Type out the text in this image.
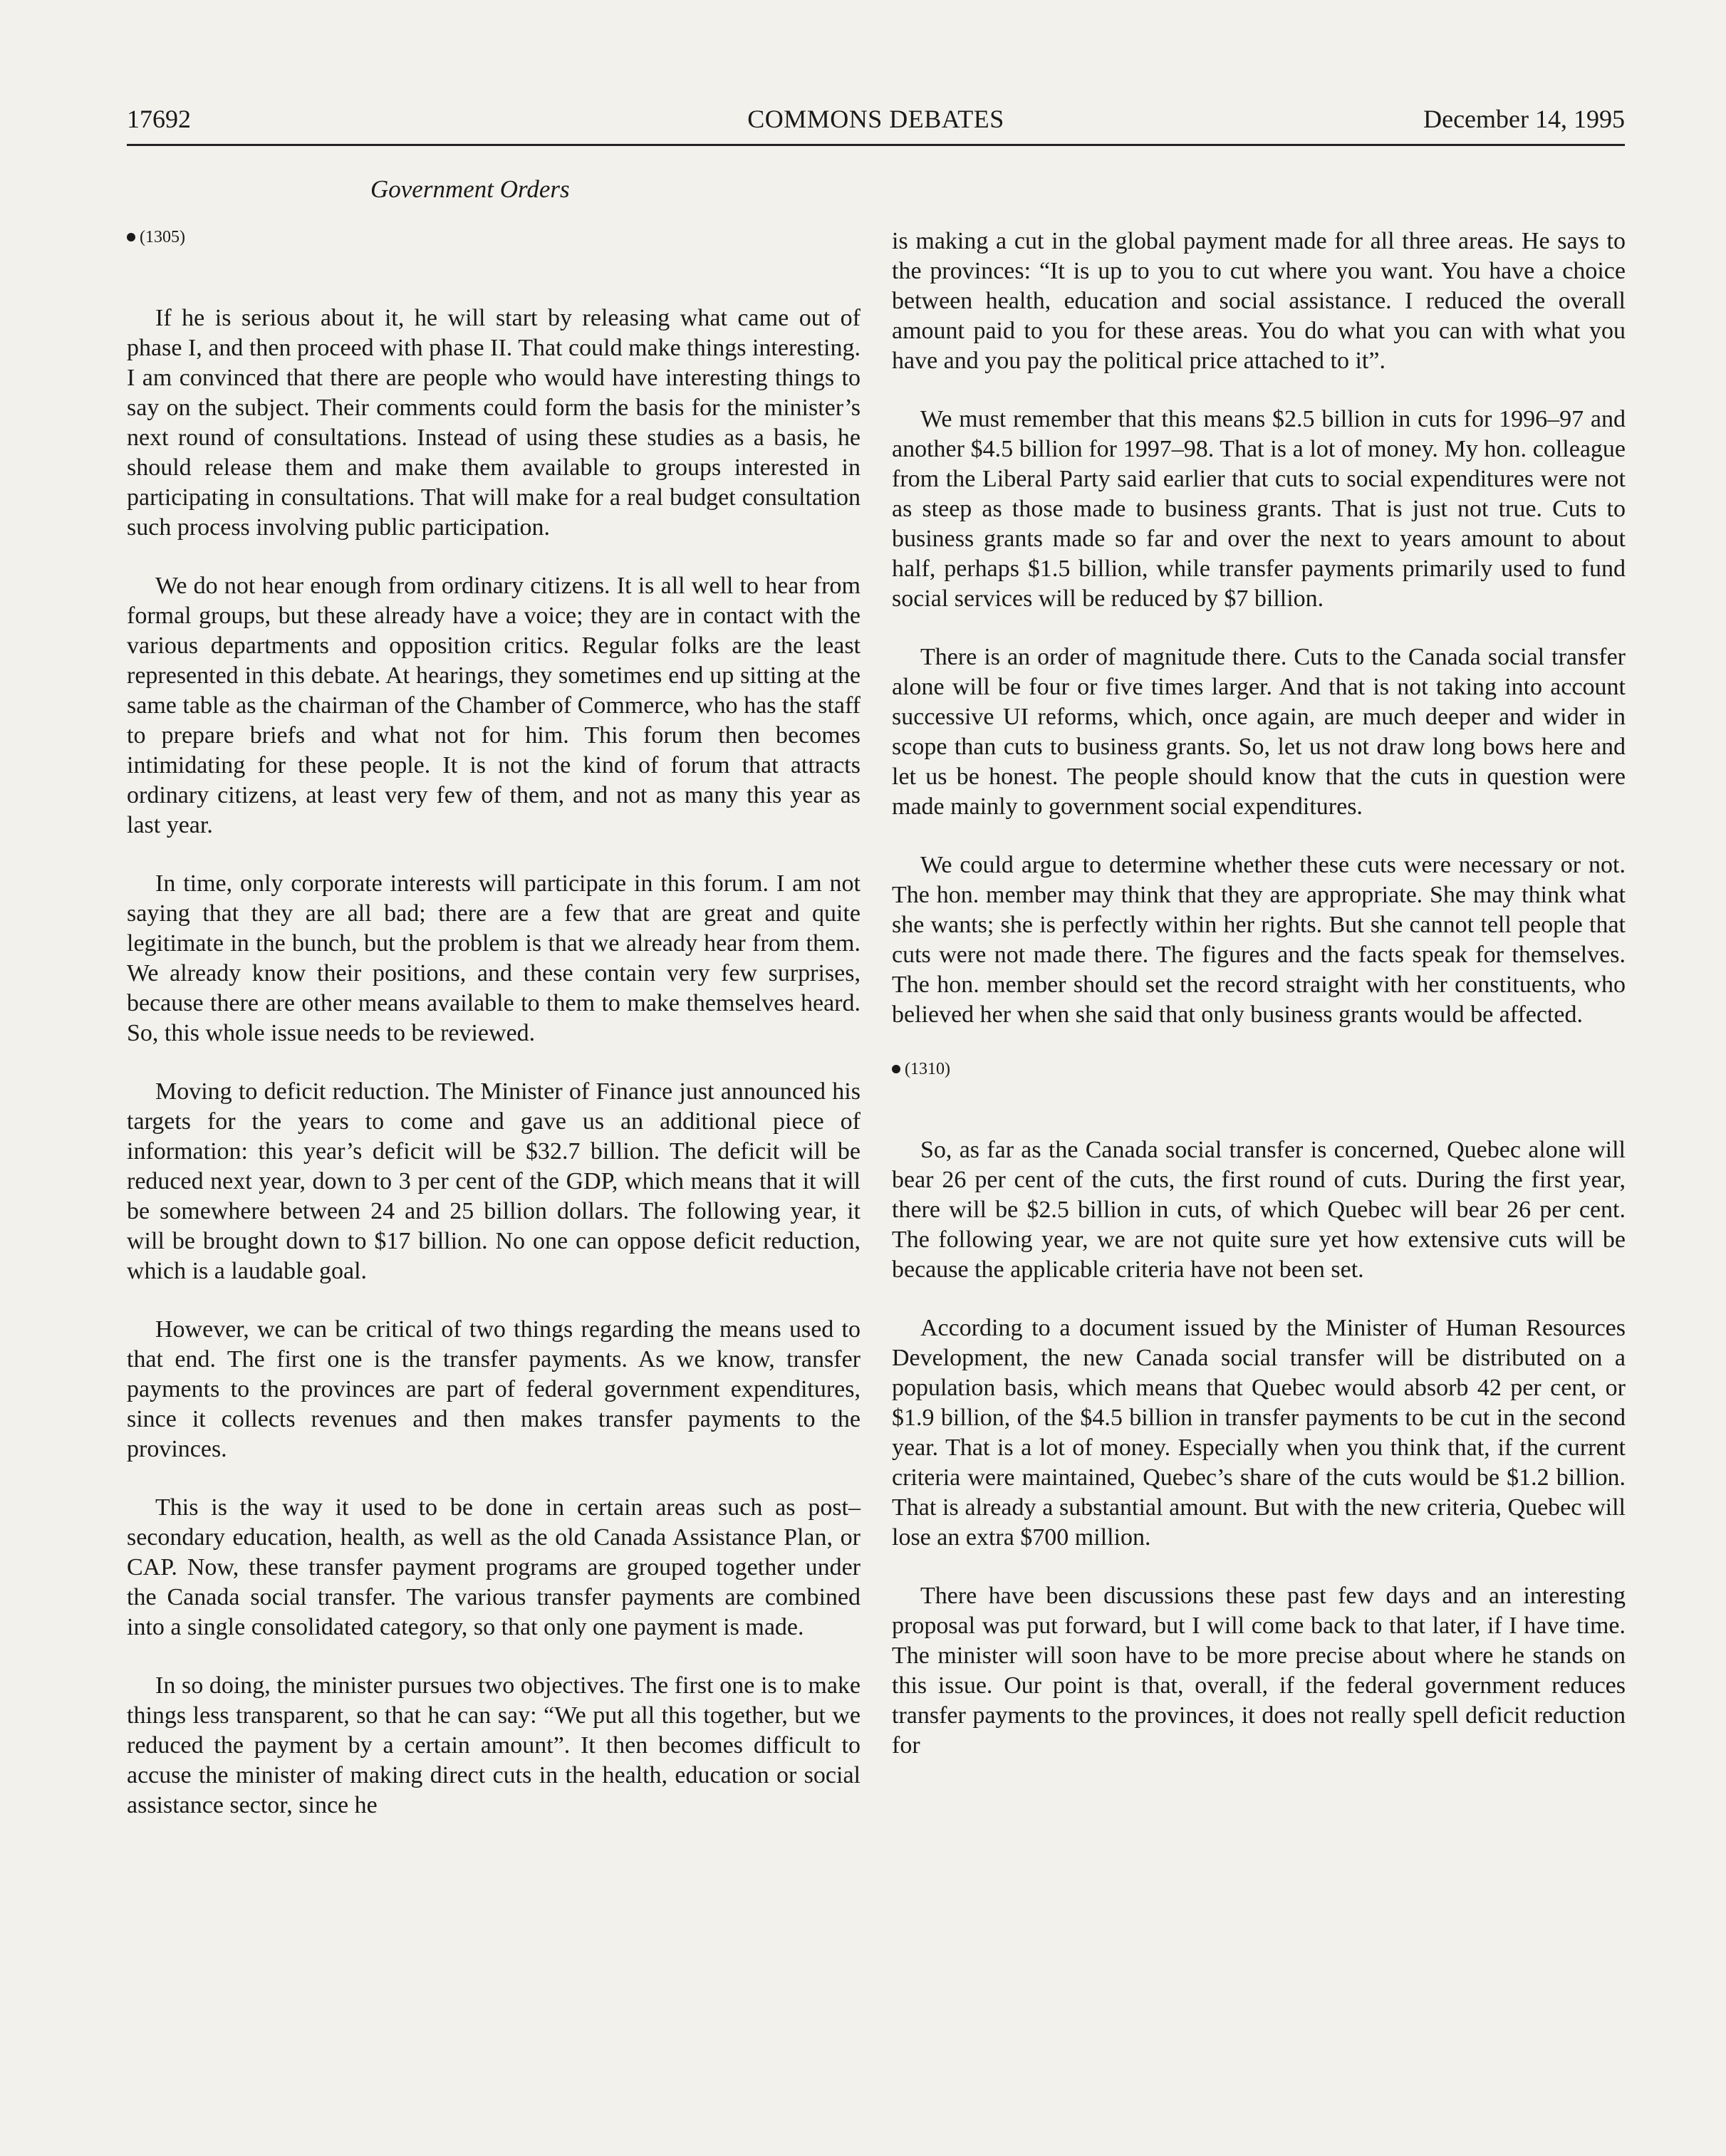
17692	COMMONS DEBATES	December 14, 1995
Government Orders
(1305)

If he is serious about it, he will start by releasing what came out of phase I, and then proceed with phase II. That could make things interesting. I am convinced that there are people who would have interesting things to say on the subject. Their comments could form the basis for the minister’s next round of consultations. Instead of using these studies as a basis, he should release them and make them available to groups interested in participating in consultations. That will make for a real budget consultation such process involving public participation.

We do not hear enough from ordinary citizens. It is all well to hear from formal groups, but these already have a voice; they are in contact with the various departments and opposition critics. Regular folks are the least represented in this debate. At hearings, they sometimes end up sitting at the same table as the chairman of the Chamber of Commerce, who has the staff to prepare briefs and what not for him. This forum then becomes intimidating for these people. It is not the kind of forum that attracts ordinary citizens, at least very few of them, and not as many this year as last year.

In time, only corporate interests will participate in this forum. I am not saying that they are all bad; there are a few that are great and quite legitimate in the bunch, but the problem is that we already hear from them. We already know their positions, and these contain very few surprises, because there are other means available to them to make themselves heard. So, this whole issue needs to be reviewed.

Moving to deficit reduction. The Minister of Finance just announced his targets for the years to come and gave us an additional piece of information: this year’s deficit will be $32.7 billion. The deficit will be reduced next year, down to 3 per cent of the GDP, which means that it will be somewhere between 24 and 25 billion dollars. The following year, it will be brought down to $17 billion. No one can oppose deficit reduction, which is a laudable goal.

However, we can be critical of two things regarding the means used to that end. The first one is the transfer payments. As we know, transfer payments to the provinces are part of federal government expenditures, since it collects revenues and then makes transfer payments to the provinces.

This is the way it used to be done in certain areas such as post–secondary education, health, as well as the old Canada Assistance Plan, or CAP. Now, these transfer payment programs are grouped together under the Canada social transfer. The various transfer payments are combined into a single consolidated category, so that only one payment is made.

In so doing, the minister pursues two objectives. The first one is to make things less transparent, so that he can say: “We put all this together, but we reduced the payment by a certain amount”. It then becomes difficult to accuse the minister of making direct cuts in the health, education or social assistance sector, since he

is making a cut in the global payment made for all three areas. He says to the provinces: “It is up to you to cut where you want. You have a choice between health, education and social assistance. I reduced the overall amount paid to you for these areas. You do what you can with what you have and you pay the political price attached to it”.

We must remember that this means $2.5 billion in cuts for 1996–97 and another $4.5 billion for 1997–98. That is a lot of money. My hon. colleague from the Liberal Party said earlier that cuts to social expenditures were not as steep as those made to business grants. That is just not true. Cuts to business grants made so far and over the next to years amount to about half, perhaps $1.5 billion, while transfer payments primarily used to fund social services will be reduced by $7 billion.

There is an order of magnitude there. Cuts to the Canada social transfer alone will be four or five times larger. And that is not taking into account successive UI reforms, which, once again, are much deeper and wider in scope than cuts to business grants. So, let us not draw long bows here and let us be honest. The people should know that the cuts in question were made mainly to government social expenditures.

We could argue to determine whether these cuts were necessary or not. The hon. member may think that they are appropriate. She may think what she wants; she is perfectly within her rights. But she cannot tell people that cuts were not made there. The figures and the facts speak for themselves. The hon. member should set the record straight with her constituents, who believed her when she said that only business grants would be affected.

(1310)

So, as far as the Canada social transfer is concerned, Quebec alone will bear 26 per cent of the cuts, the first round of cuts. During the first year, there will be $2.5 billion in cuts, of which Quebec will bear 26 per cent. The following year, we are not quite sure yet how extensive cuts will be because the applicable criteria have not been set.

According to a document issued by the Minister of Human Resources Development, the new Canada social transfer will be distributed on a population basis, which means that Quebec would absorb 42 per cent, or $1.9 billion, of the $4.5 billion in transfer payments to be cut in the second year. That is a lot of money. Especially when you think that, if the current criteria were maintained, Quebec’s share of the cuts would be $1.2 billion. That is already a substantial amount. But with the new criteria, Quebec will lose an extra $700 million.

There have been discussions these past few days and an interesting proposal was put forward, but I will come back to that later, if I have time. The minister will soon have to be more precise about where he stands on this issue. Our point is that, overall, if the federal government reduces transfer payments to the provinces, it does not really spell deficit reduction for
